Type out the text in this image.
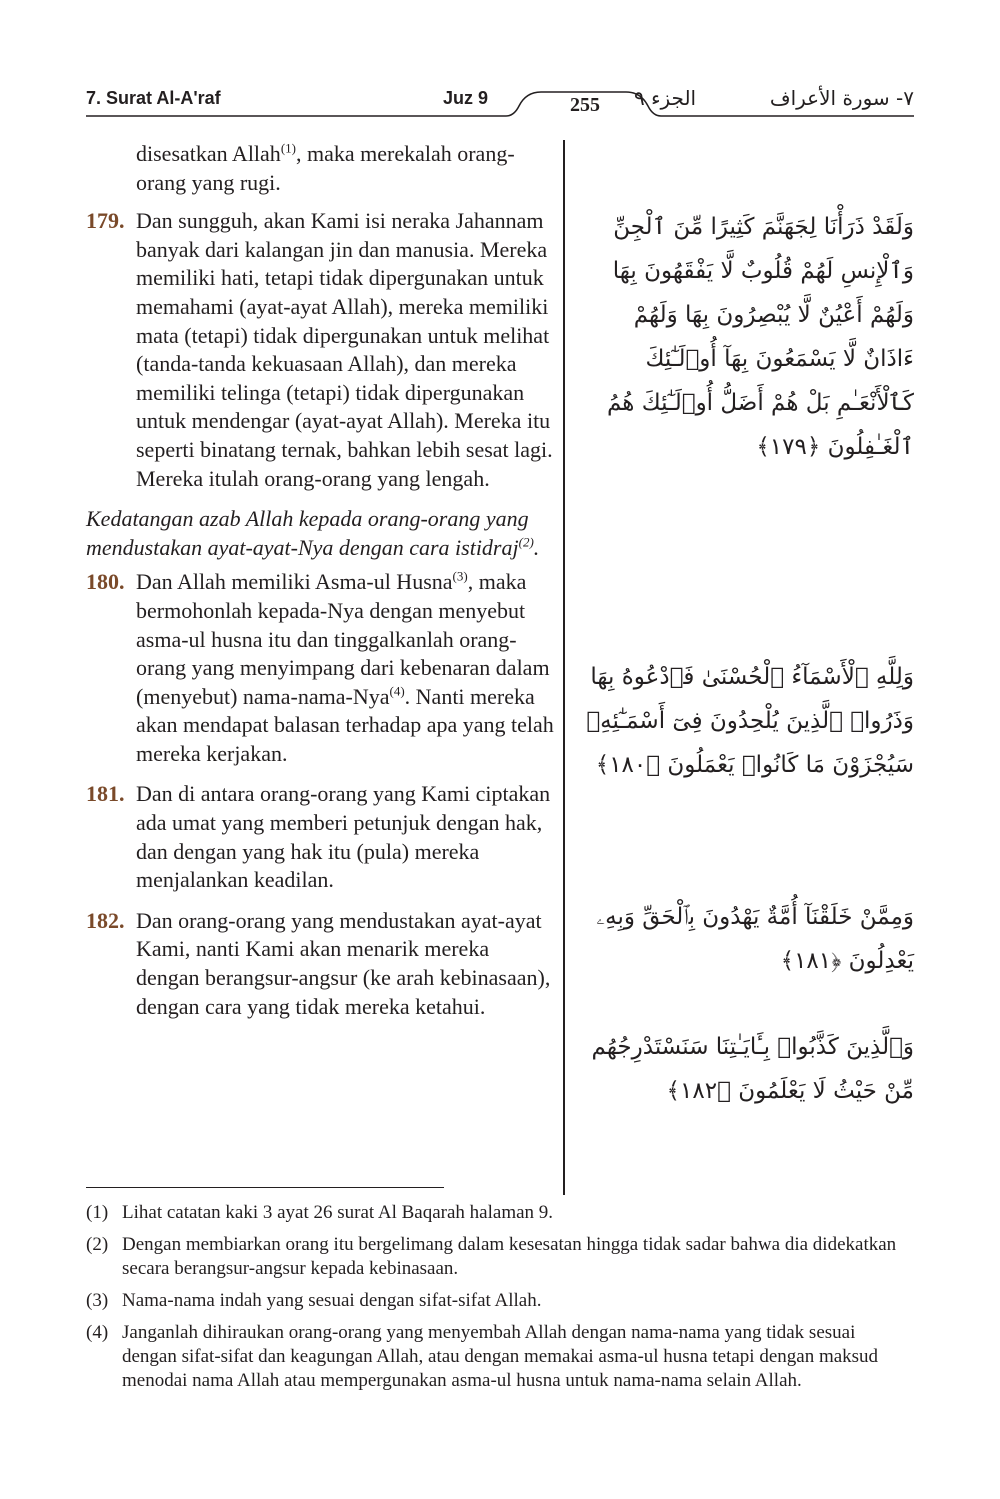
7. Surat Al-A'raf	Juz 9	255	الجزء ٩	٧- سورة الأعراف
disesatkan Allah$^{(1)}$, maka merekalah orang-orang yang rugi.
179. Dan sungguh, akan Kami isi neraka Jahannam banyak dari kalangan jin dan manusia. Mereka memiliki hati, tetapi tidak dipergunakan untuk memahami (ayat-ayat Allah), mereka memiliki mata (tetapi) tidak dipergunakan untuk melihat (tanda-tanda kekuasaan Allah), dan mereka memiliki telinga (tetapi) tidak dipergunakan untuk mendengar (ayat-ayat Allah). Mereka itu seperti binatang ternak, bahkan lebih sesat lagi. Mereka itulah orang-orang yang lengah.
Kedatangan azab Allah kepada orang-orang yang mendustakan ayat-ayat-Nya dengan cara istidraj$^{(2)}$.
180. Dan Allah memiliki Asma-ul Husna$^{(3)}$, maka bermohonlah kepada-Nya dengan menyebut asma-ul husna itu dan tinggalkanlah orang-orang yang menyimpang dari kebenaran dalam (menyebut) nama-nama-Nya$^{(4)}$. Nanti mereka akan mendapat balasan terhadap apa yang telah mereka kerjakan.
181. Dan di antara orang-orang yang Kami ciptakan ada umat yang memberi petunjuk dengan hak, dan dengan yang hak itu (pula) mereka menjalankan keadilan.
182. Dan orang-orang yang mendustakan ayat-ayat Kami, nanti Kami akan menarik mereka dengan berangsur-angsur (ke arah kebinasaan), dengan cara yang tidak mereka ketahui.
وَلَقَدْ ذَرَأْنَا لِجَهَنَّمَ كَثِيرًا مِّنَ ٱلْجِنِّ وَٱلْإِنسِ لَهُمْ قُلُوبٌ لَّا يَفْقَهُونَ بِهَا وَلَهُمْ أَعْيُنٌ لَّا يُبْصِرُونَ بِهَا وَلَهُمْ ءَاذَانٌ لَّا يَسْمَعُونَ بِهَآ أُو۟لَـٰٓئِكَ كَٱلْأَنْعَـٰمِ بَلْ هُمْ أَضَلُّ أُو۟لَـٰٓئِكَ هُمُ ٱلْغَـٰفِلُونَ ﴿١٧٩﴾
وَلِلَّهِ ٱلْأَسْمَآءُ ٱلْحُسْنَىٰ فَٱدْعُوهُ بِهَا وَذَرُوا۟ ٱلَّذِينَ يُلْحِدُونَ فِىٓ أَسْمَـٰٓئِهِۦ سَيُجْزَوْنَ مَا كَانُوا۟ يَعْمَلُونَ ﴿١٨٠﴾
وَمِمَّنْ خَلَقْنَآ أُمَّةٌ يَهْدُونَ بِٱلْحَقِّ وَبِهِۦ يَعْدِلُونَ ﴿١٨١﴾
وَٱلَّذِينَ كَذَّبُوا۟ بِـَٔايَـٰتِنَا سَنَسْتَدْرِجُهُم مِّنْ حَيْثُ لَا يَعْلَمُونَ ﴿١٨٢﴾
(1) Lihat catatan kaki 3 ayat 26 surat Al Baqarah halaman 9.
(2) Dengan membiarkan orang itu bergelimang dalam kesesatan hingga tidak sadar bahwa dia didekatkan secara berangsur-angsur kepada kebinasaan.
(3) Nama-nama indah yang sesuai dengan sifat-sifat Allah.
(4) Janganlah dihiraukan orang-orang yang menyembah Allah dengan nama-nama yang tidak sesuai dengan sifat-sifat dan keagungan Allah, atau dengan memakai asma-ul husna tetapi dengan maksud menodai nama Allah atau mempergunakan asma-ul husna untuk nama-nama selain Allah.
